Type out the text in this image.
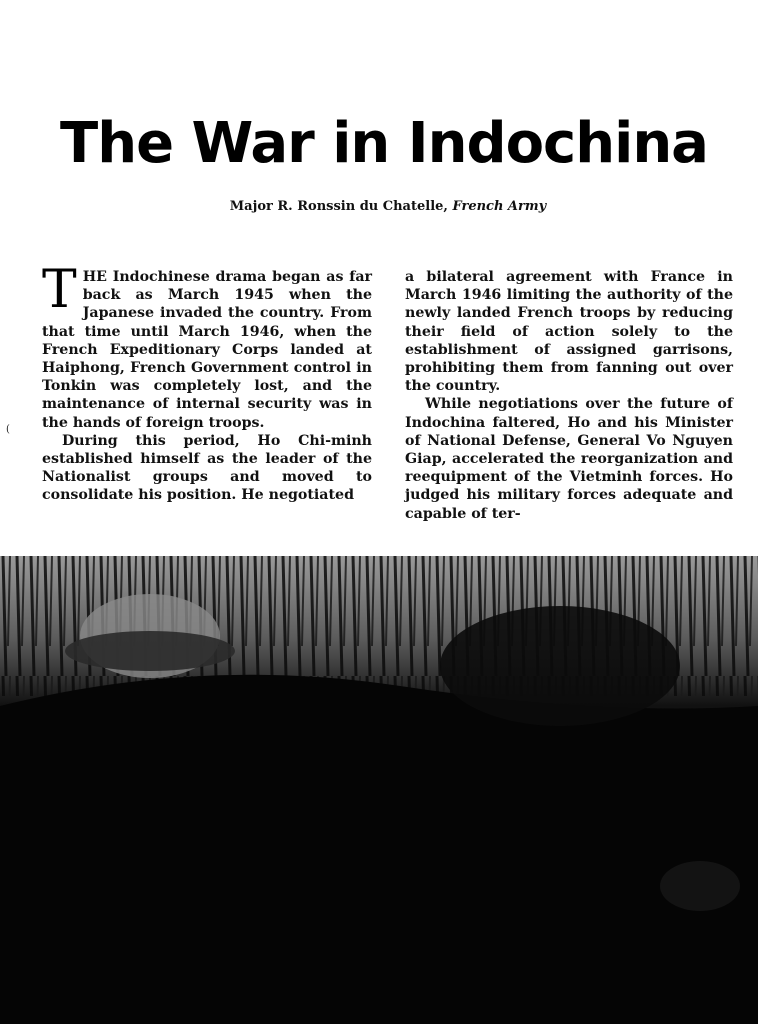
The War in Indochina
Major R. Ronssin du Chatelle, French Army
(

T HE Indochinese drama began as far back as March 1945 when the Japanese invaded the country. From that time until March 1946, when the French Expeditionary Corps landed at Haiphong, French Government control in Tonkin was completely lost, and the maintenance of internal security was in the hands of foreign troops.

During this period, Ho Chi-minh established himself as the leader of the Nationalist groups and moved to consolidate his position. He negotiated

a bilateral agreement with France in March 1946 limiting the authority of the newly landed French troops by reducing their field of action solely to the establishment of assigned garrisons, prohibiting them from fanning out over the country.

While negotiations over the future of Indochina faltered, Ho and his Minister of National Defense, General Vo Nguyen Giap, accelerated the reorganization and reequipment of the Vietminh forces. Ho judged his military forces adequate and capable of ter-
